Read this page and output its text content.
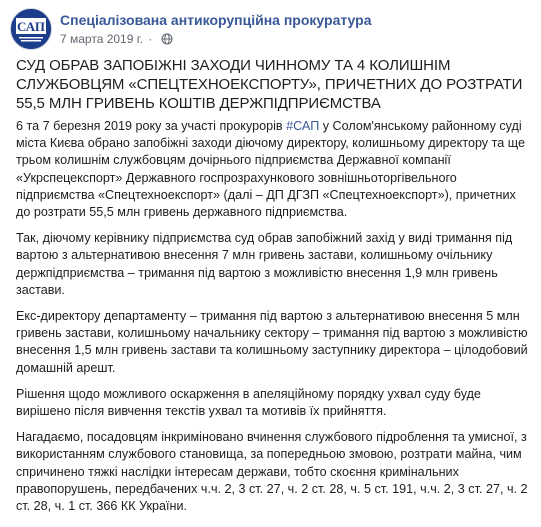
САП Спеціалізована антикорупційна прокуратура
7 марта 2019 г. ·
СУД ОБРАВ ЗАПОБІЖНІ ЗАХОДИ ЧИННОМУ ТА 4 КОЛИШНІМ СЛУЖБОВЦЯМ «СПЕЦТЕХНОЕКСПОРТУ», ПРИЧЕТНИХ ДО РОЗТРАТИ 55,5 МЛН ГРИВЕНЬ КОШТІВ ДЕРЖПІДПРИЄМСТВА

6 та 7 березня 2019 року за участі прокурорів #САП у Солом'янському районному суді міста Києва обрано запобіжні заходи діючому директору, колишньому директору та ще трьом колишнім службовцям дочірнього підприємства Державної компанії «Укрспецекспорт» Державного госпрозрахункового зовнішньоторгівельного підприємства «Спецтехноекспорт» (далі – ДП ДГЗП «Спецтехноекспорт»), причетних до розтрати 55,5 млн гривень державного підприємства.

Так, діючому керівнику підприємства суд обрав запобіжний захід у виді тримання під вартою з альтернативою внесення 7 млн гривень застави, колишньому очільнику держпідприємства – тримання під вартою з можливістю внесення 1,9 млн гривень застави.

Екс-директору департаменту – тримання під вартою з альтернативою внесення 5 млн гривень застави, колишньому начальнику сектору – тримання під вартою з можливістю внесення 1,5 млн гривень застави та колишньому заступнику директора – цілодобовий домашній арешт.

Рішення щодо можливого оскарження в апеляційному порядку ухвал суду буде вирішено після вивчення текстів ухвал та мотивів їх прийняття.

Нагадаємо, посадовцям інкриміновано вчинення службового підроблення та умисної, з використанням службового становища, за попередньою змовою, розтрати майна, чим спричинено тяжкі наслідки інтересам держави, тобто скоєння кримінальних правопорушень, передбачених ч.ч. 2, 3 ст. 27, ч. 2 ст. 28, ч. 5 ст. 191, ч.ч. 2, 3 ст. 27, ч. 2 ст. 28, ч. 1 ст. 366 КК України.
